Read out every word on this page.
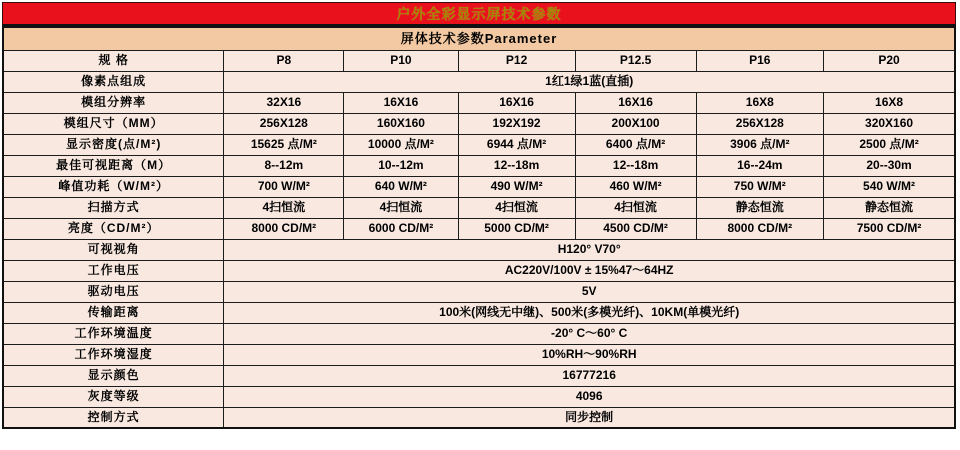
户外全彩显示屏技术参数
屏体技术参数Parameter						
规 格	P8	P10	P12	P12.5	P16	P20
像素点组成	1红1绿1蓝(直插)					
模组分辨率	32X16	16X16	16X16	16X16	16X8	16X8
模组尺寸（MM）	256X128	160X160	192X192	200X100	256X128	320X160
显示密度(点/M²)	15625 点/M²	10000 点/M²	6944 点/M²	6400 点/M²	3906 点/M²	2500 点/M²
最佳可视距离（M）	8--12m	10--12m	12--18m	12--18m	16--24m	20--30m
峰值功耗（W/M²）	700 W/M²	640 W/M²	490 W/M²	460 W/M²	750 W/M²	540 W/M²
扫描方式	4扫恒流	4扫恒流	4扫恒流	4扫恒流	静态恒流	静态恒流
亮度（CD/M²）	8000 CD/M²	6000 CD/M²	5000 CD/M²	4500 CD/M²	8000 CD/M²	7500 CD/M²
可视视角	H120° V70°					
工作电压	AC220V/100V ± 15%47～64HZ					
驱动电压	5V					
传输距离	100米(网线无中继)、500米(多模光纤)、10KM(单模光纤)					
工作环境温度	-20° C～60° C					
工作环境湿度	10%RH～90%RH					
显示颜色	16777216					
灰度等级	4096					
控制方式	同步控制					
